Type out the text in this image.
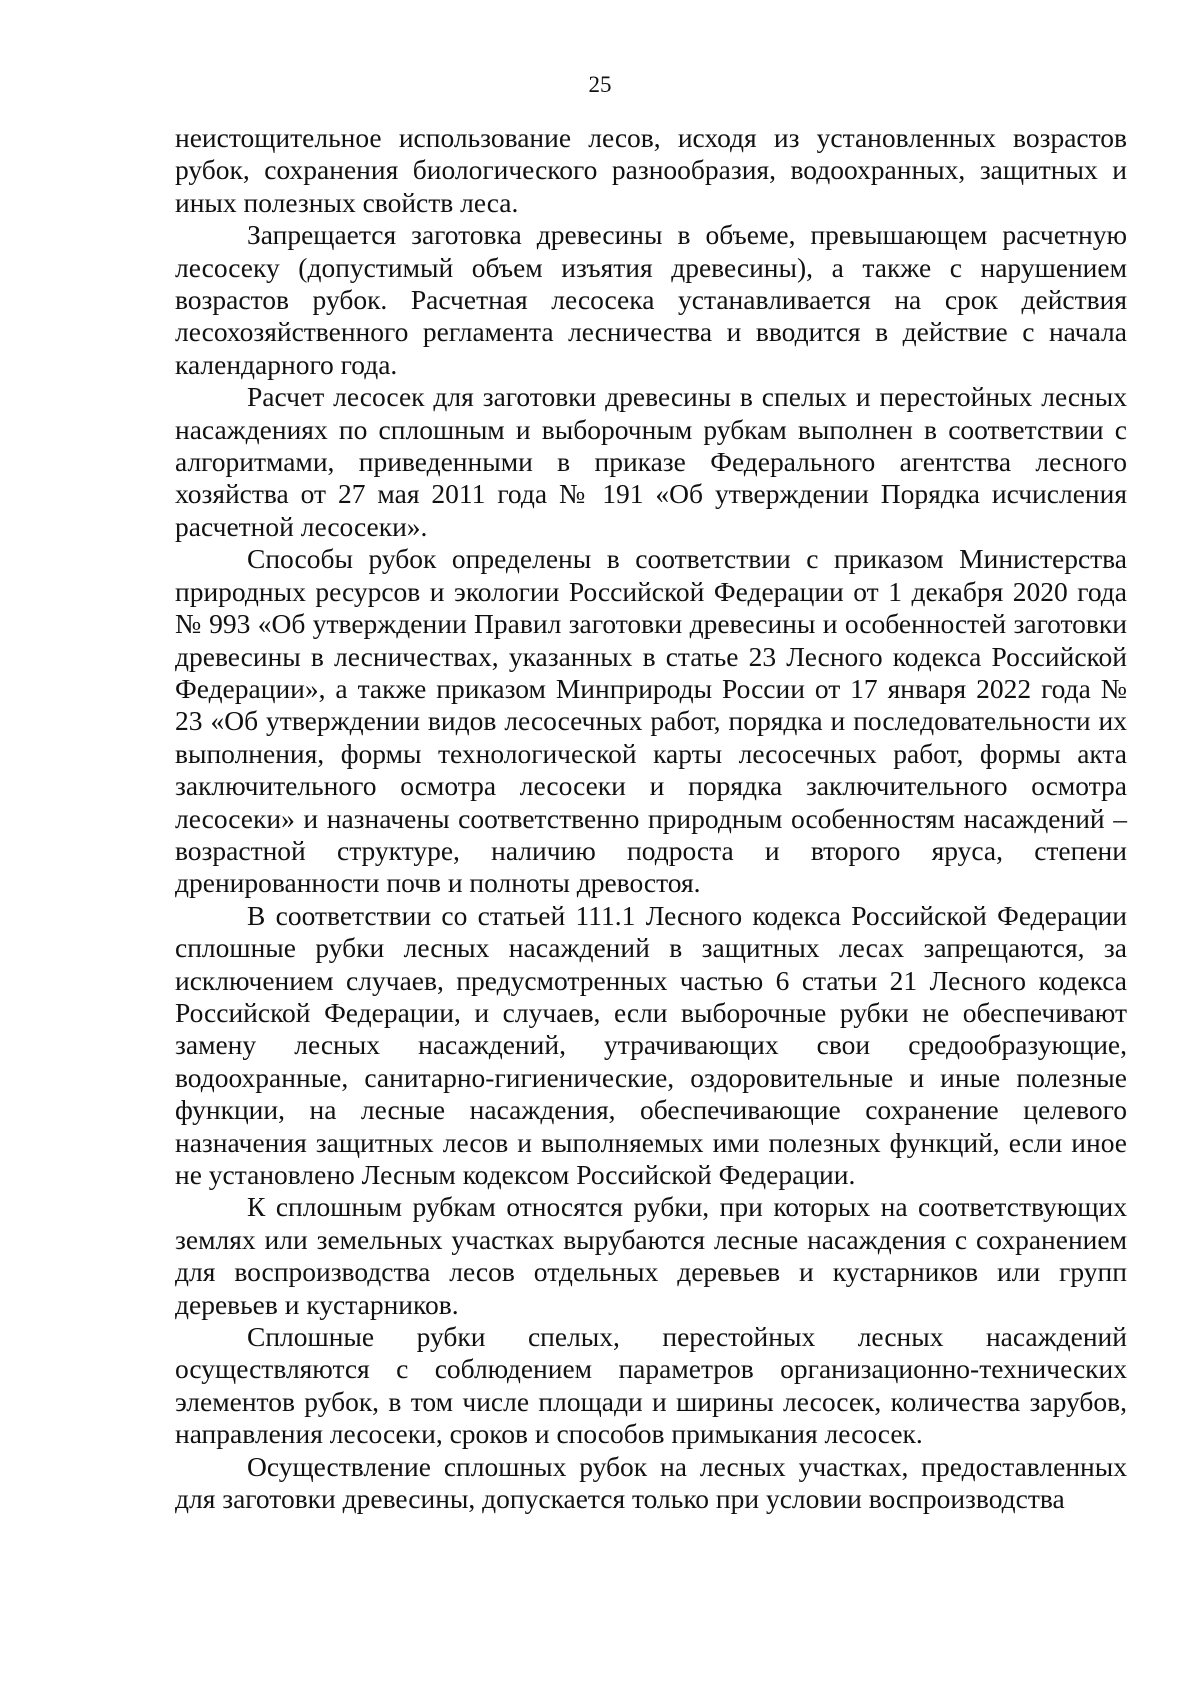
25

неистощительное использование лесов, исходя из установленных возрастов рубок, сохранения биологического разнообразия, водоохранных, защитных и иных полезных свойств леса.

Запрещается заготовка древесины в объеме, превышающем расчетную лесосеку (допустимый объем изъятия древесины), а также с нарушением возрастов рубок. Расчетная лесосека устанавливается на срок действия лесохозяйственного регламента лесничества и вводится в действие с начала календарного года.

Расчет лесосек для заготовки древесины в спелых и перестойных лесных насаждениях по сплошным и выборочным рубкам выполнен в соответствии с алгоритмами, приведенными в приказе Федерального агентства лесного хозяйства от 27 мая 2011 года № 191 «Об утверждении Порядка исчисления расчетной лесосеки».

Способы рубок определены в соответствии с приказом Министерства природных ресурсов и экологии Российской Федерации от 1 декабря 2020 года № 993 «Об утверждении Правил заготовки древесины и особенностей заготовки древесины в лесничествах, указанных в статье 23 Лесного кодекса Российской Федерации», а также приказом Минприроды России от 17 января 2022 года № 23 «Об утверждении видов лесосечных работ, порядка и последовательности их выполнения, формы технологической карты лесосечных работ, формы акта заключительного осмотра лесосеки и порядка заключительного осмотра лесосеки» и назначены соответственно природным особенностям насаждений – возрастной структуре, наличию подроста и второго яруса, степени дренированности почв и полноты древостоя.

В соответствии со статьей 111.1 Лесного кодекса Российской Федерации сплошные рубки лесных насаждений в защитных лесах запрещаются, за исключением случаев, предусмотренных частью 6 статьи 21 Лесного кодекса Российской Федерации, и случаев, если выборочные рубки не обеспечивают замену лесных насаждений, утрачивающих свои средообразующие, водоохранные, санитарно-гигиенические, оздоровительные и иные полезные функции, на лесные насаждения, обеспечивающие сохранение целевого назначения защитных лесов и выполняемых ими полезных функций, если иное не установлено Лесным кодексом Российской Федерации.

К сплошным рубкам относятся рубки, при которых на соответствующих землях или земельных участках вырубаются лесные насаждения с сохранением для воспроизводства лесов отдельных деревьев и кустарников или групп деревьев и кустарников.

Сплошные рубки спелых, перестойных лесных насаждений осуществляются с соблюдением параметров организационно-технических элементов рубок, в том числе площади и ширины лесосек, количества зарубов, направления лесосеки, сроков и способов примыкания лесосек.

Осуществление сплошных рубок на лесных участках, предоставленных для заготовки древесины, допускается только при условии воспроизводства
